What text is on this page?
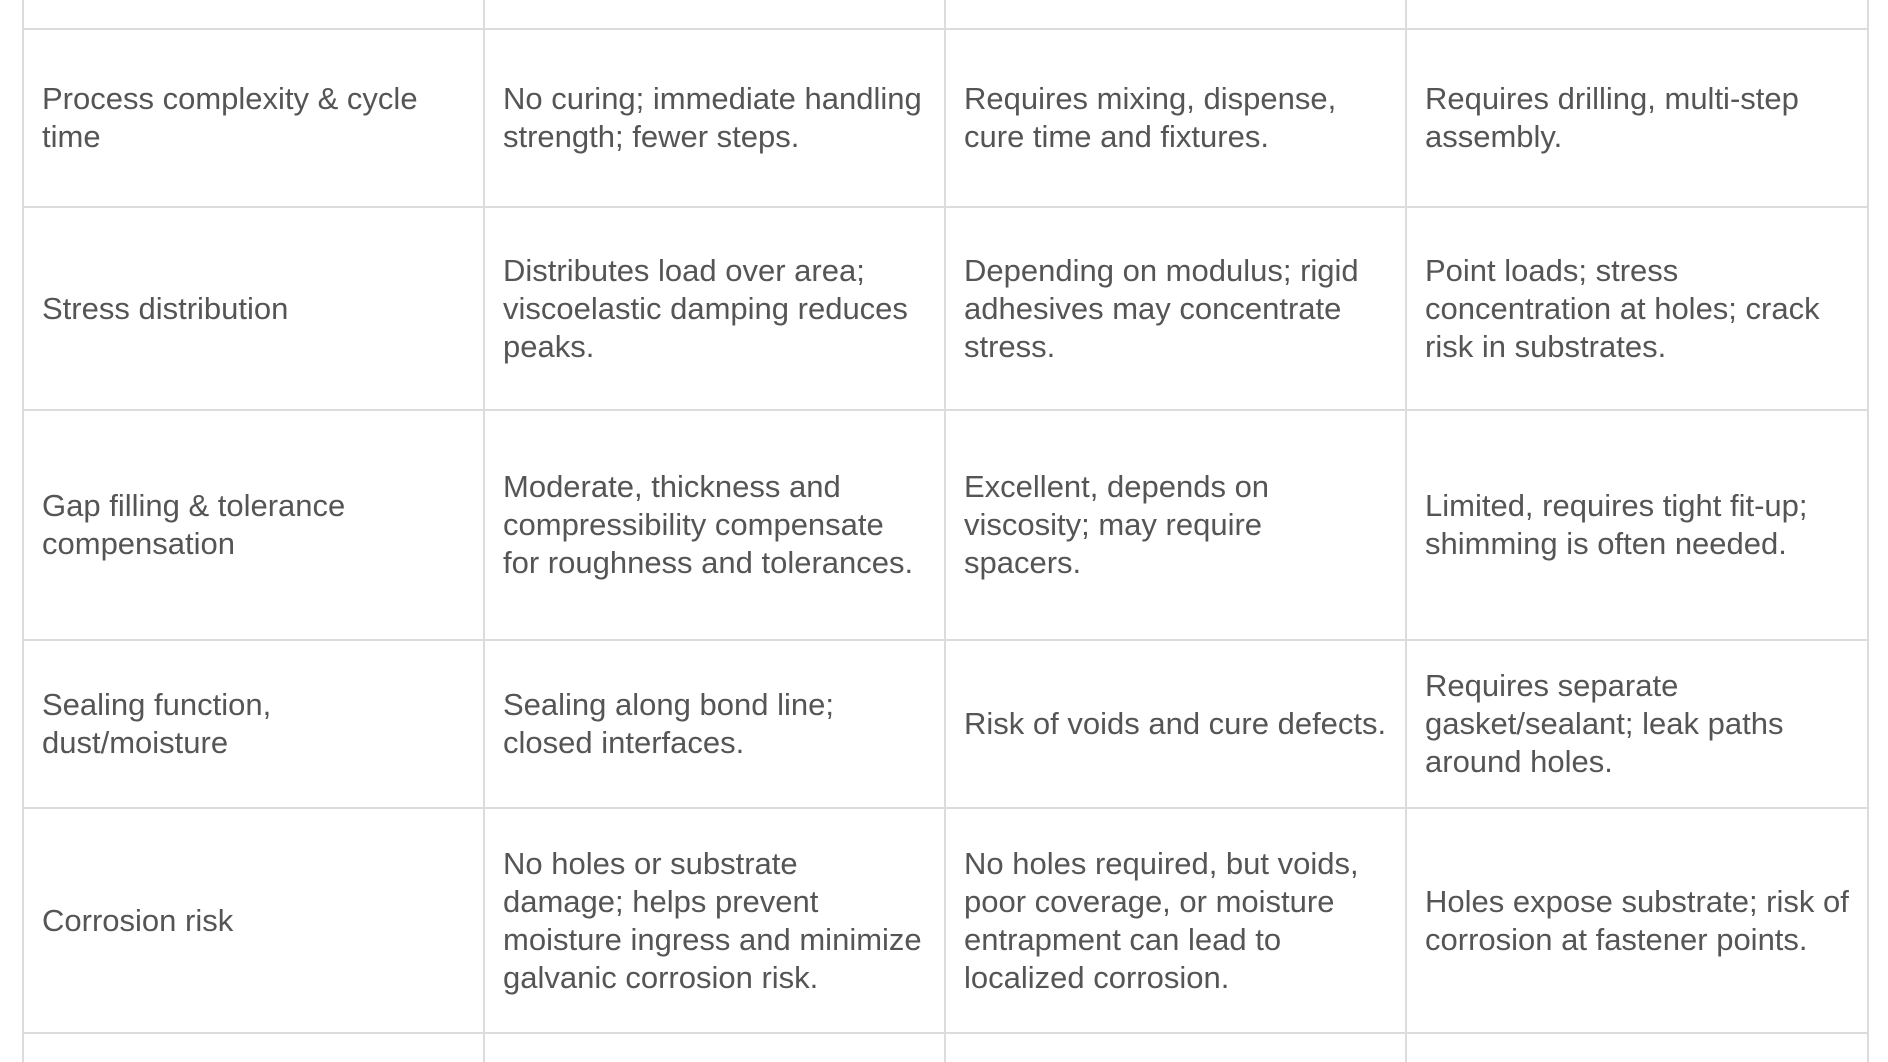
Process complexity & cycle time	No curing; immediate handling strength; fewer steps.	Requires mixing, dispense, cure time and fixtures.	Requires drilling, multi-step assembly.
Stress distribution	Distributes load over area; viscoelastic damping reduces peaks.	Depending on modulus; rigid adhesives may concentrate stress.	Point loads; stress concentration at holes; crack risk in substrates.
Gap filling & tolerance compensation	Moderate, thickness and compressibility compensate for roughness and tolerances.	Excellent, depends on viscosity; may require spacers.	Limited, requires tight fit-up; shimming is often needed.
Sealing function, dust/moisture	Sealing along bond line; closed interfaces.	Risk of voids and cure defects.	Requires separate gasket/sealant; leak paths around holes.
Corrosion risk	No holes or substrate damage; helps prevent moisture ingress and minimize galvanic corrosion risk.	No holes required, but voids, poor coverage, or moisture entrapment can lead to localized corrosion.	Holes expose substrate; risk of corrosion at fastener points.
